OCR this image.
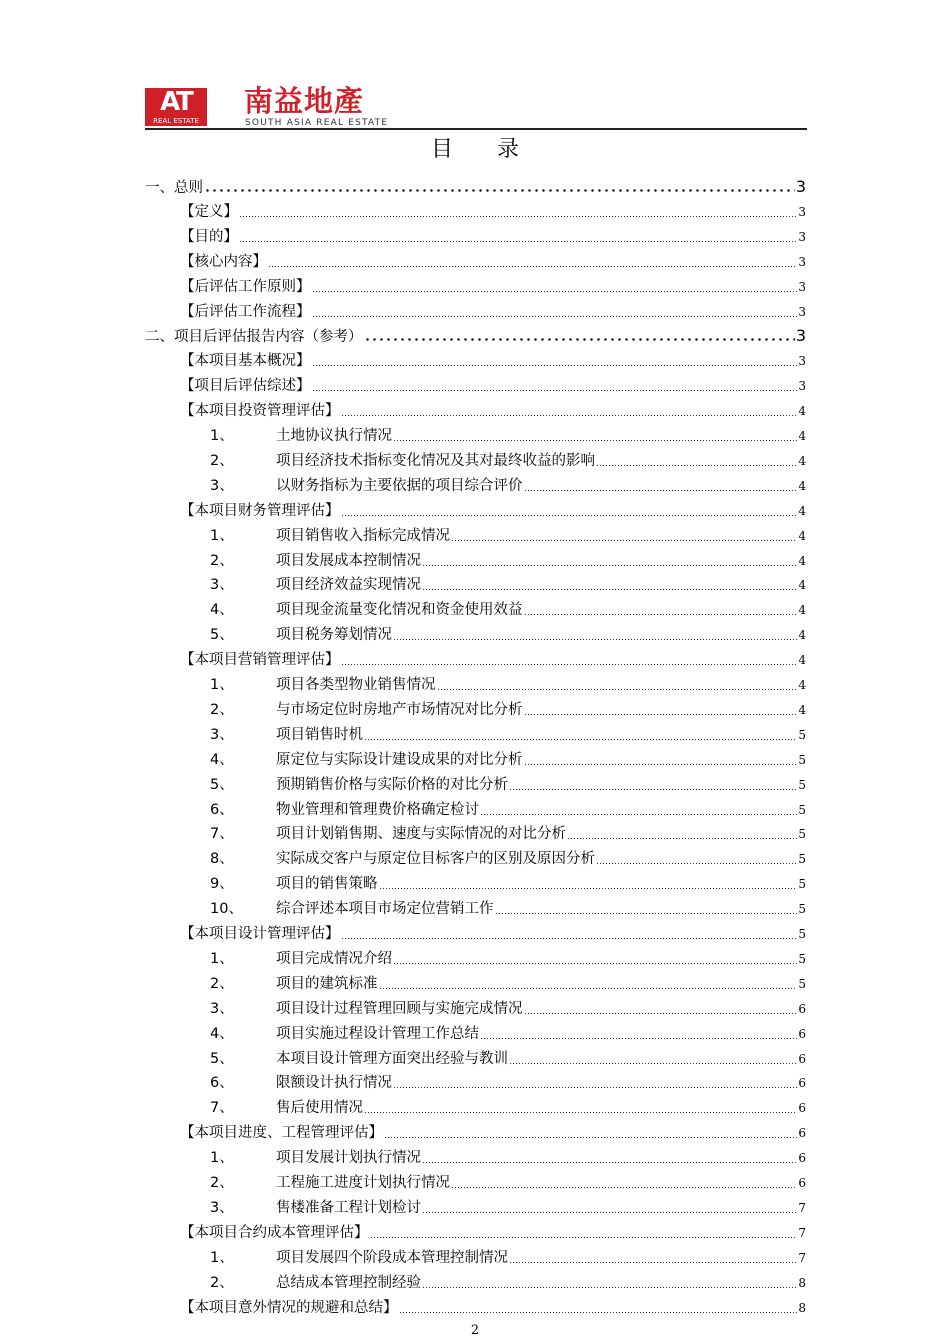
AT
REAL ESTATE
南益地產
SOUTH ASIA REAL ESTATE
目录
一、总则	3
【定义】	3
【目的】	3
【核心内容】	3
【后评估工作原则】	3
【后评估工作流程】	3
二、项目后评估报告内容（参考）	3
【本项目基本概况】	3
【项目后评估综述】	3
【本项目投资管理评估】	4
1、	土地协议执行情况	4
2、	项目经济技术指标变化情况及其对最终收益的影响	4
3、	以财务指标为主要依据的项目综合评价	4
【本项目财务管理评估】	4
1、	项目销售收入指标完成情况	4
2、	项目发展成本控制情况	4
3、	项目经济效益实现情况	4
4、	项目现金流量变化情况和资金使用效益	4
5、	项目税务筹划情况	4
【本项目营销管理评估】	4
1、	项目各类型物业销售情况	4
2、	与市场定位时房地产市场情况对比分析	4
3、	项目销售时机	5
4、	原定位与实际设计建设成果的对比分析	5
5、	预期销售价格与实际价格的对比分析	5
6、	物业管理和管理费价格确定检讨	5
7、	项目计划销售期、速度与实际情况的对比分析	5
8、	实际成交客户与原定位目标客户的区别及原因分析	5
9、	项目的销售策略	5
10、	综合评述本项目市场定位营销工作	5
【本项目设计管理评估】	5
1、	项目完成情况介绍	5
2、	项目的建筑标准	5
3、	项目设计过程管理回顾与实施完成情况	6
4、	项目实施过程设计管理工作总结	6
5、	本项目设计管理方面突出经验与教训	6
6、	限额设计执行情况	6
7、	售后使用情况	6
【本项目进度、工程管理评估】	6
1、	项目发展计划执行情况	6
2、	工程施工进度计划执行情况	6
3、	售楼准备工程计划检讨	7
【本项目合约成本管理评估】	7
1、	项目发展四个阶段成本管理控制情况	7
2、	总结成本管理控制经验	8
【本项目意外情况的规避和总结】	8
2
